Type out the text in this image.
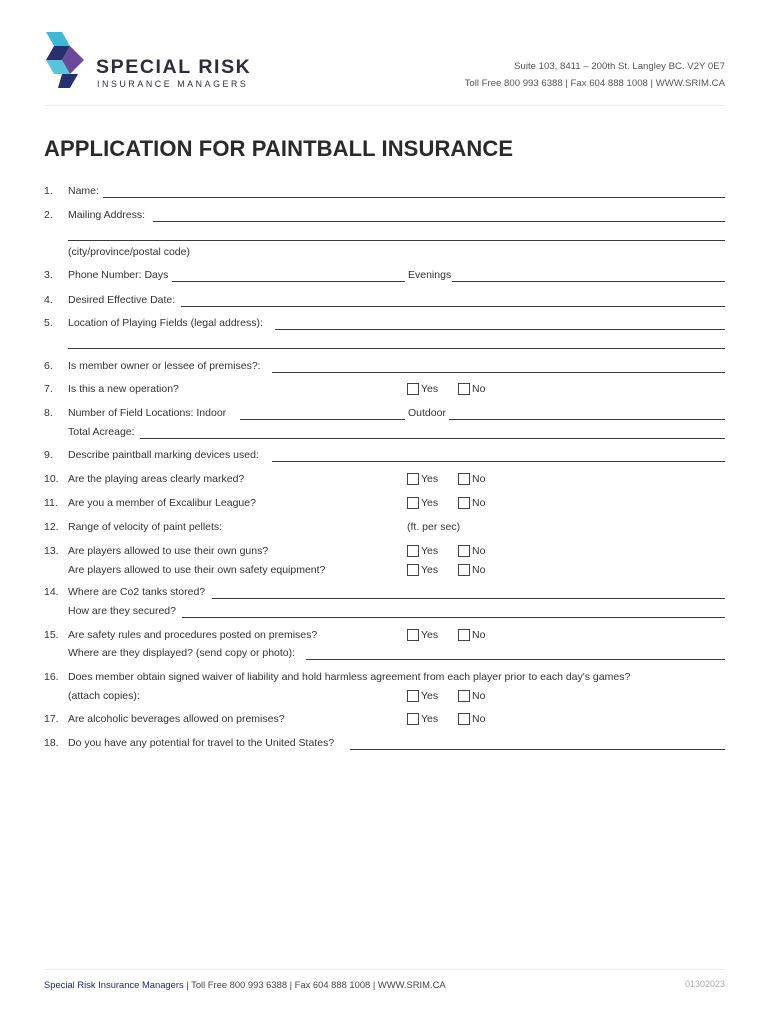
SPECIAL RISK
INSURANCE MANAGERS
Suite 103, 8411 – 200th St. Langley BC. V2Y 0E7
Toll Free 800 993 6388 | Fax 604 888 1008 | WWW.SRIM.CA
APPLICATION FOR PAINTBALL INSURANCE
1. Name:
2. Mailing Address:
(city/province/postal code)
3. Phone Number: Days	Evenings
4. Desired Effective Date:
5. Location of Playing Fields (legal address):
6. Is member owner or lessee of premises?:
7. Is this a new operation?	Yes	No
8. Number of Field Locations: Indoor	Outdoor
Total Acreage:
9. Describe paintball marking devices used:
10. Are the playing areas clearly marked?	Yes	No
11. Are you a member of Excalibur League?	Yes	No
12. Range of velocity of paint pellets:	(ft. per sec)
13. Are players allowed to use their own guns?	Yes	No
Are players allowed to use their own safety equipment?	Yes	No
14. Where are Co2 tanks stored?
How are they secured?
15. Are safety rules and procedures posted on premises?	Yes	No
Where are they displayed? (send copy or photo):
16. Does member obtain signed waiver of liability and hold harmless agreement from each player prior to each day's games?
(attach copies):	Yes	No
17. Are alcoholic beverages allowed on premises?	Yes	No
18. Do you have any potential for travel to the United States?
Special Risk Insurance Managers | Toll Free 800 993 6388 | Fax 604 888 1008 | WWW.SRIM.CA	01302023
